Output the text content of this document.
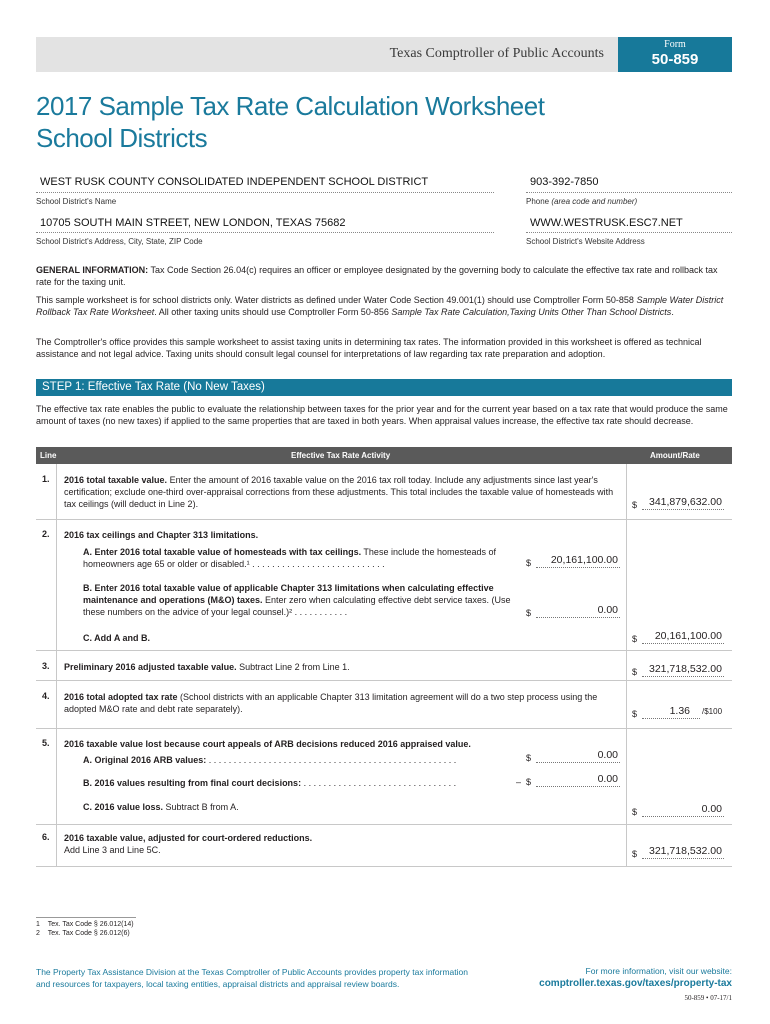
Texas Comptroller of Public Accounts
Form
50-859
2017 Sample Tax Rate Calculation Worksheet
School Districts
WEST RUSK COUNTY CONSOLIDATED INDEPENDENT SCHOOL DISTRICT
School District's Name
903-392-7850
Phone (area code and number)
10705 SOUTH MAIN STREET, NEW LONDON, TEXAS 75682
School District's Address, City, State, ZIP Code
WWW.WESTRUSK.ESC7.NET
School District's Website Address
GENERAL INFORMATION: Tax Code Section 26.04(c) requires an officer or employee designated by the governing body to calculate the effective tax rate and rollback tax rate for the taxing unit.
This sample worksheet is for school districts only. Water districts as defined under Water Code Section 49.001(1) should use Comptroller Form 50-858 Sample Water District Rollback Tax Rate Worksheet. All other taxing units should use Comptroller Form 50-856 Sample Tax Rate Calculation,Taxing Units Other Than School Districts.
The Comptroller's office provides this sample worksheet to assist taxing units in determining tax rates. The information provided in this worksheet is offered as technical assistance and not legal advice. Taxing units should consult legal counsel for interpretations of law regarding tax rate preparation and adoption.
STEP 1: Effective Tax Rate (No New Taxes)
The effective tax rate enables the public to evaluate the relationship between taxes for the prior year and for the current year based on a tax rate that would produce the same amount of taxes (no new taxes) if applied to the same properties that are taxed in both years. When appraisal values increase, the effective tax rate should decrease.
Line	Effective Tax Rate Activity	Amount/Rate
1. 2016 total taxable value. Enter the amount of 2016 taxable value on the 2016 tax roll today. Include any adjustments since last year's certification; exclude one-third over-appraisal corrections from these adjustments. This total includes the taxable value of homesteads with tax ceilings (will deduct in Line 2).	$ 341,879,632.00
2. 2016 tax ceilings and Chapter 313 limitations.
A. Enter 2016 total taxable value of homesteads with tax ceilings. These include the homesteads of homeowners age 65 or older or disabled.¹ . . . . . . . . . . . . . . . . . . . . . . . . . . .	$ 20,161,100.00
B. Enter 2016 total taxable value of applicable Chapter 313 limitations when calculating effective maintenance and operations (M&O) taxes. Enter zero when calculating effective debt service taxes. (Use these numbers on the advice of your legal counsel.)² . . . . . . . . . . .	$	0.00
C. Add A and B.	$ 20,161,100.00
3. Preliminary 2016 adjusted taxable value. Subtract Line 2 from Line 1.	$ 321,718,532.00
4. 2016 total adopted tax rate (School districts with an applicable Chapter 313 limitation agreement will do a two step process using the adopted M&O rate and debt rate separately).	$	1.36 /$100
5. 2016 taxable value lost because court appeals of ARB decisions reduced 2016 appraised value.
A. Original 2016 ARB values: . . . . . . . . . . . . . . . . . . . . . . . . . . . . . . . . . . . . . . . . . . . . . . . . . .	$	0.00
B. 2016 values resulting from final court decisions: . . . . . . . . . . . . . . . . . . . . . . . . . . . . . . .	– $	0.00
C. 2016 value loss. Subtract B from A.	$	0.00
6. 2016 taxable value, adjusted for court-ordered reductions.
Add Line 3 and Line 5C.	$ 321,718,532.00
1 Tex. Tax Code § 26.012(14)
2 Tex. Tax Code § 26.012(6)
The Property Tax Assistance Division at the Texas Comptroller of Public Accounts provides property tax information and resources for taxpayers, local taxing entities, appraisal districts and appraisal review boards.
For more information, visit our website:
comptroller.texas.gov/taxes/property-tax
50-859 • 07-17/1
